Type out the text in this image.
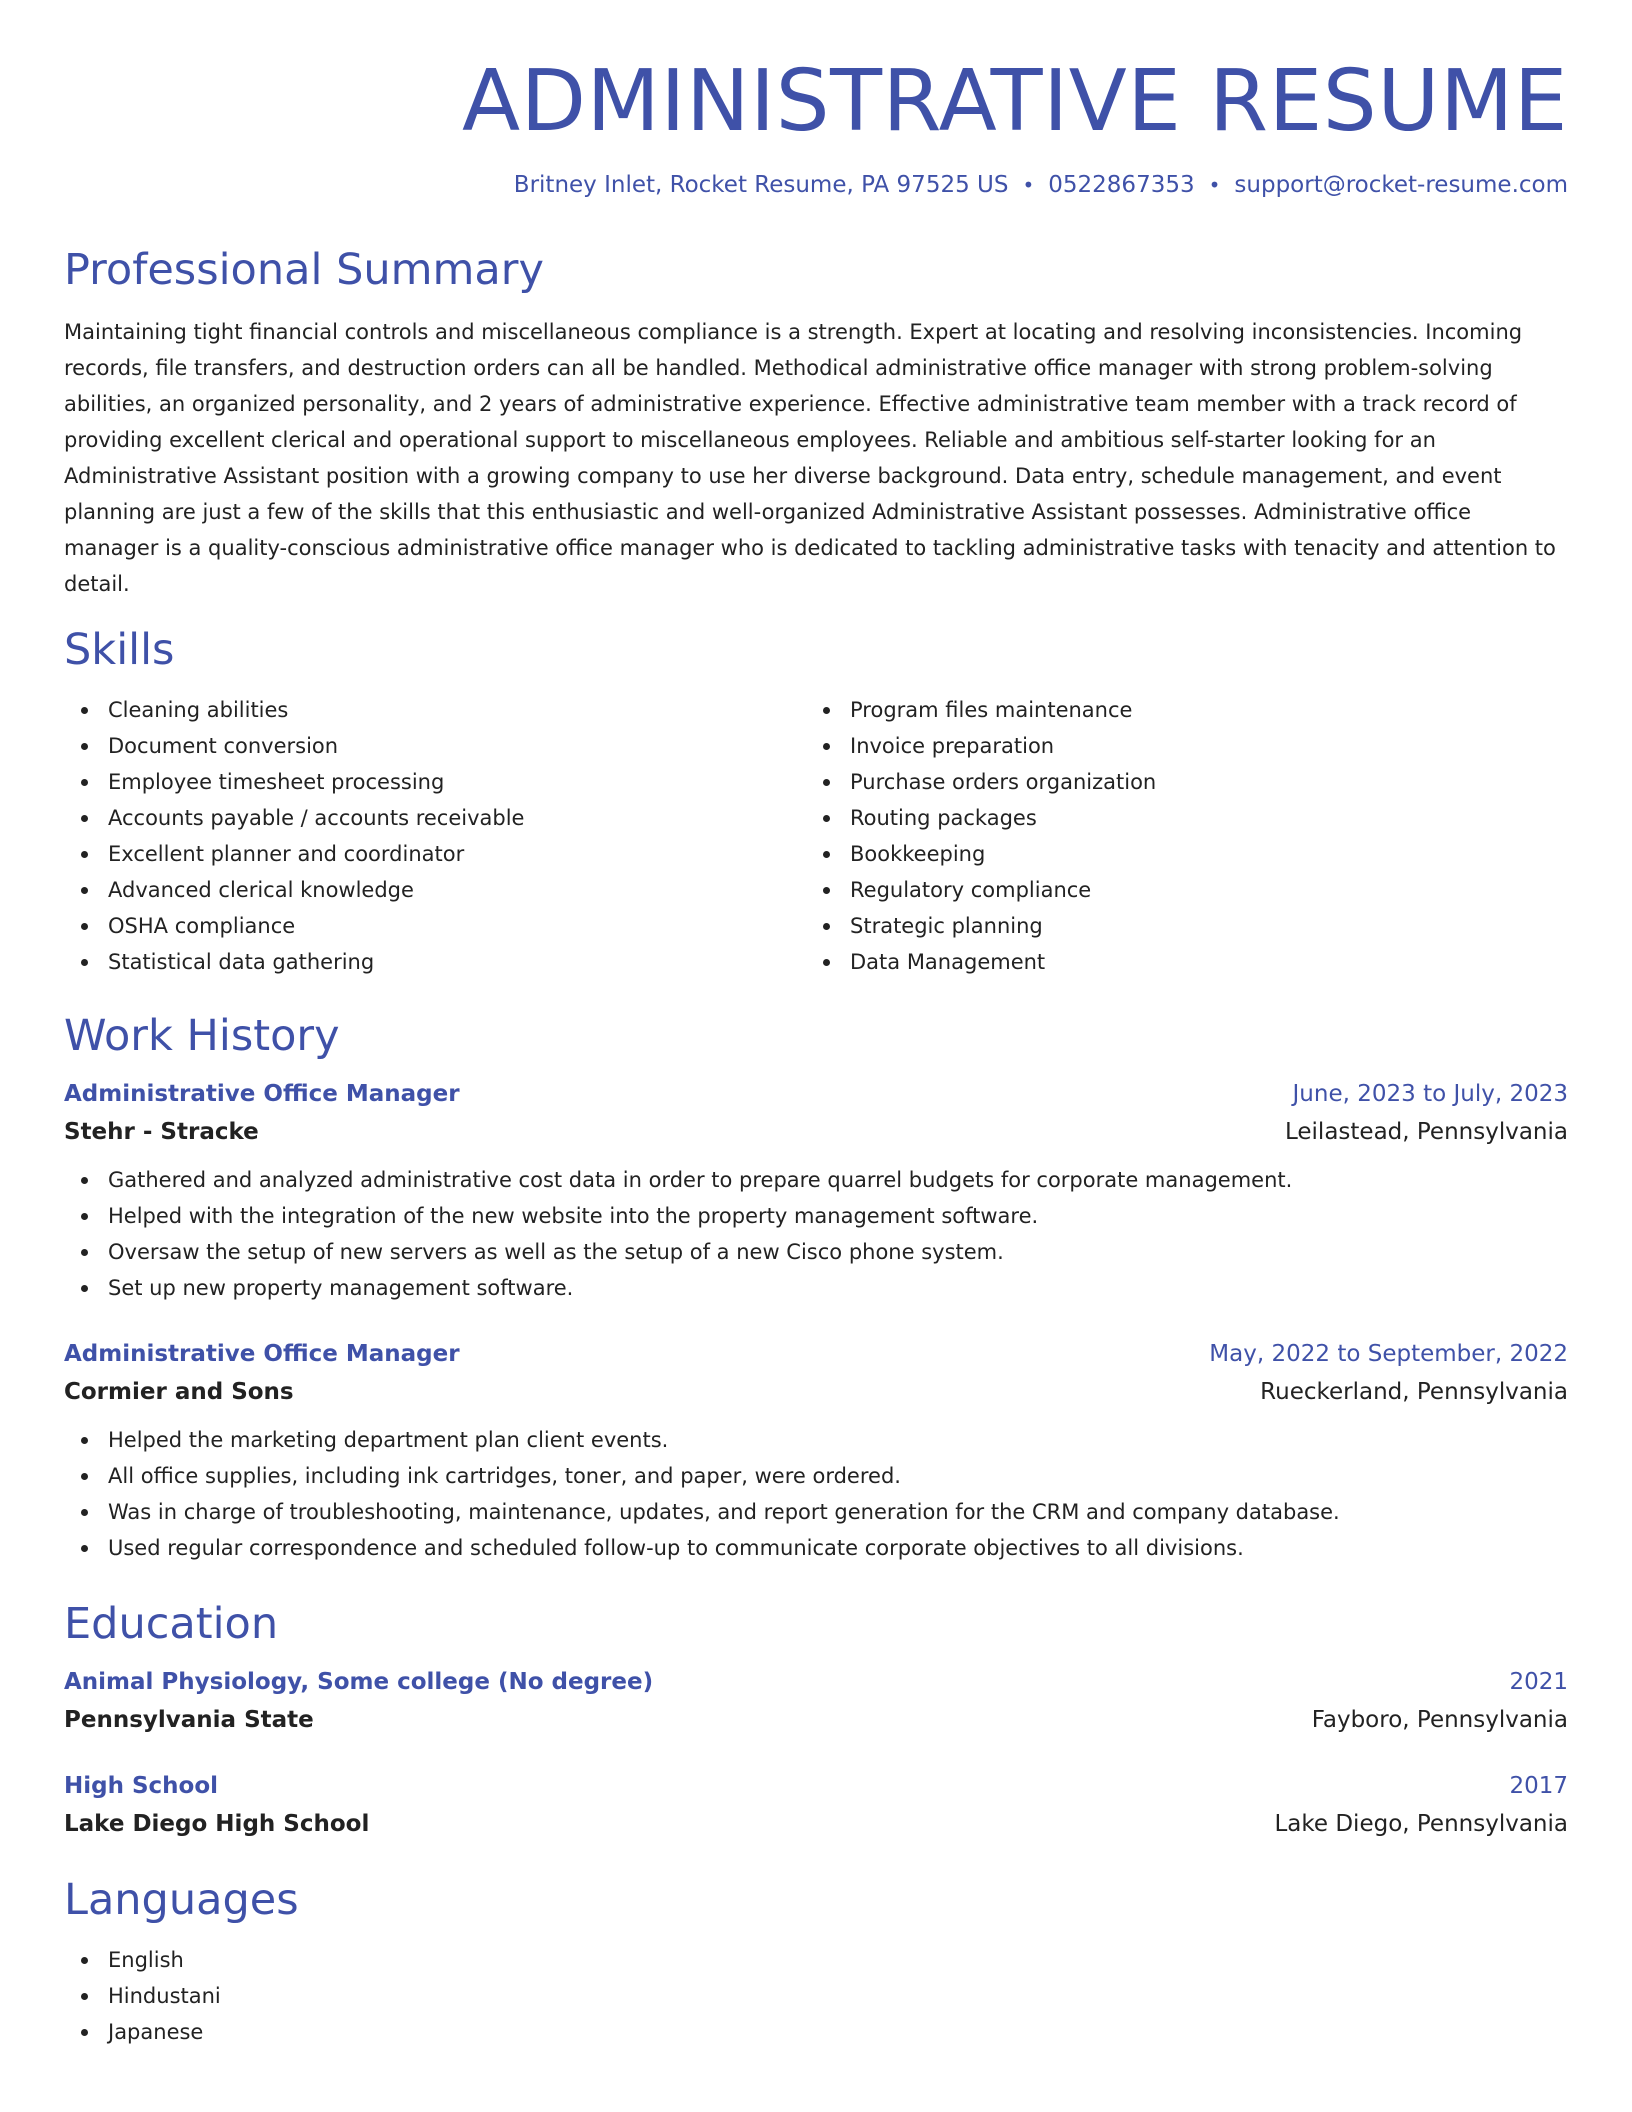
ADMINISTRATIVE RESUME
Britney Inlet, Rocket Resume, PA 97525 US • 0522867353 • support@rocket-resume.com
Professional Summary
Maintaining tight financial controls and miscellaneous compliance is a strength. Expert at locating and resolving inconsistencies. Incoming records, file transfers, and destruction orders can all be handled. Methodical administrative office manager with strong problem-solving abilities, an organized personality, and 2 years of administrative experience. Effective administrative team member with a track record of providing excellent clerical and operational support to miscellaneous employees. Reliable and ambitious self-starter looking for an Administrative Assistant position with a growing company to use her diverse background. Data entry, schedule management, and event planning are just a few of the skills that this enthusiastic and well-organized Administrative Assistant possesses. Administrative office manager is a quality-conscious administrative office manager who is dedicated to tackling administrative tasks with tenacity and attention to detail.
Skills
Cleaning abilities
Document conversion
Employee timesheet processing
Accounts payable / accounts receivable
Excellent planner and coordinator
Advanced clerical knowledge
OSHA compliance
Statistical data gathering
Program files maintenance
Invoice preparation
Purchase orders organization
Routing packages
Bookkeeping
Regulatory compliance
Strategic planning
Data Management
Work History
Administrative Office Manager	June, 2023 to July, 2023
Stehr - Stracke	Leilastead, Pennsylvania
Gathered and analyzed administrative cost data in order to prepare quarrel budgets for corporate management.
Helped with the integration of the new website into the property management software.
Oversaw the setup of new servers as well as the setup of a new Cisco phone system.
Set up new property management software.
Administrative Office Manager	May, 2022 to September, 2022
Cormier and Sons	Rueckerland, Pennsylvania
Helped the marketing department plan client events.
All office supplies, including ink cartridges, toner, and paper, were ordered.
Was in charge of troubleshooting, maintenance, updates, and report generation for the CRM and company database.
Used regular correspondence and scheduled follow-up to communicate corporate objectives to all divisions.
Education
Animal Physiology, Some college (No degree)	2021
Pennsylvania State	Fayboro, Pennsylvania
High School	2017
Lake Diego High School	Lake Diego, Pennsylvania
Languages
English
Hindustani
Japanese
